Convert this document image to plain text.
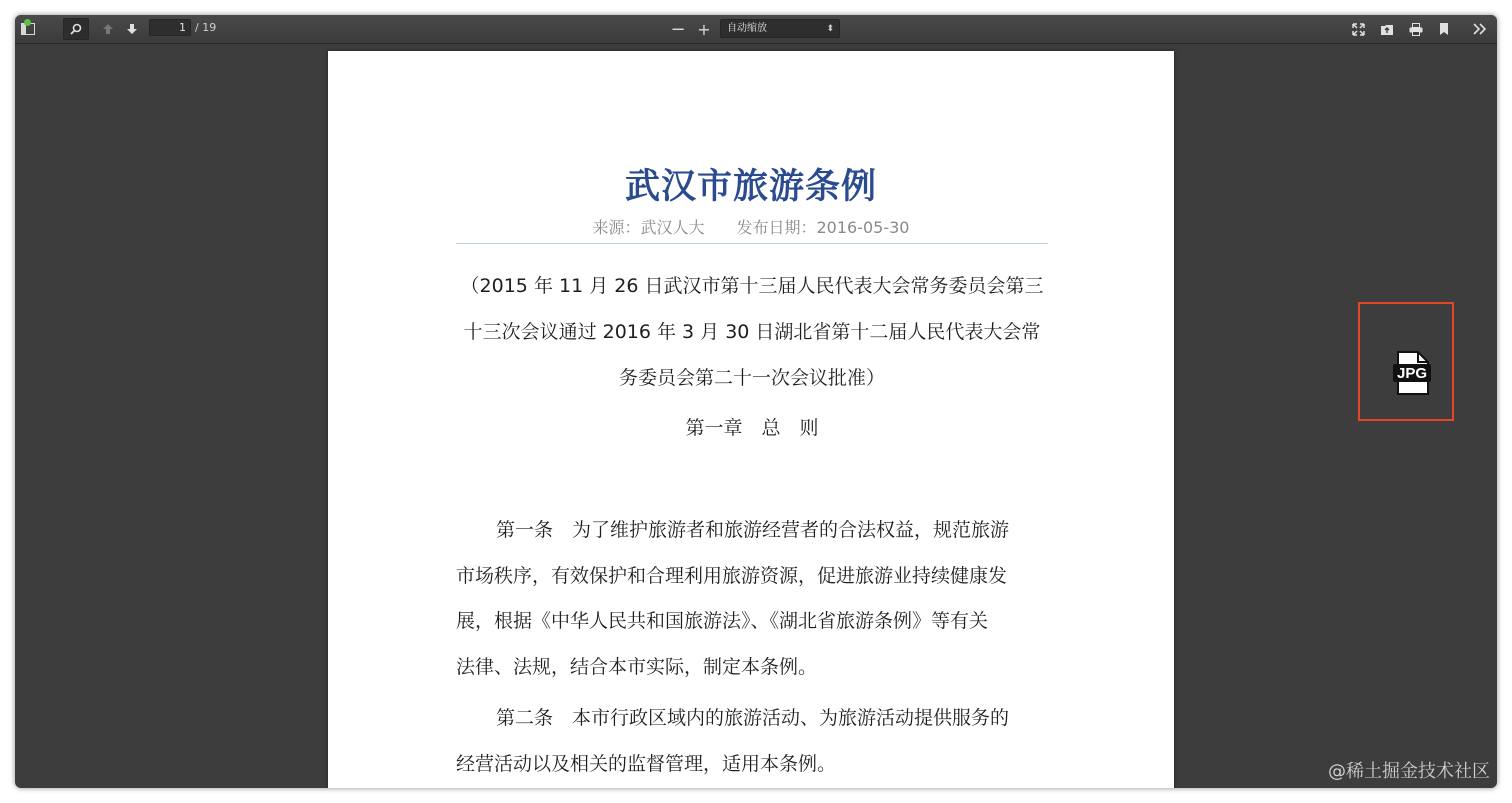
1 / 19	− +	自动缩放	⬍
武汉市旅游条例
来源：武汉人大　　发布日期：2016-05-30
（2015 年 11 月 26 日武汉市第十三届人民代表大会常务委员会第三
十三次会议通过 2016 年 3 月 30 日湖北省第十二届人民代表大会常
务委员会第二十一次会议批准）
第一章　总　则
第一条　为了维护旅游者和旅游经营者的合法权益，规范旅游
市场秩序，有效保护和合理利用旅游资源，促进旅游业持续健康发
展，根据《中华人民共和国旅游法》、《湖北省旅游条例》等有关
法律、法规，结合本市实际，制定本条例。
第二条　本市行政区域内的旅游活动、为旅游活动提供服务的
经营活动以及相关的监督管理，适用本条例。
JPG
@稀土掘金技术社区
